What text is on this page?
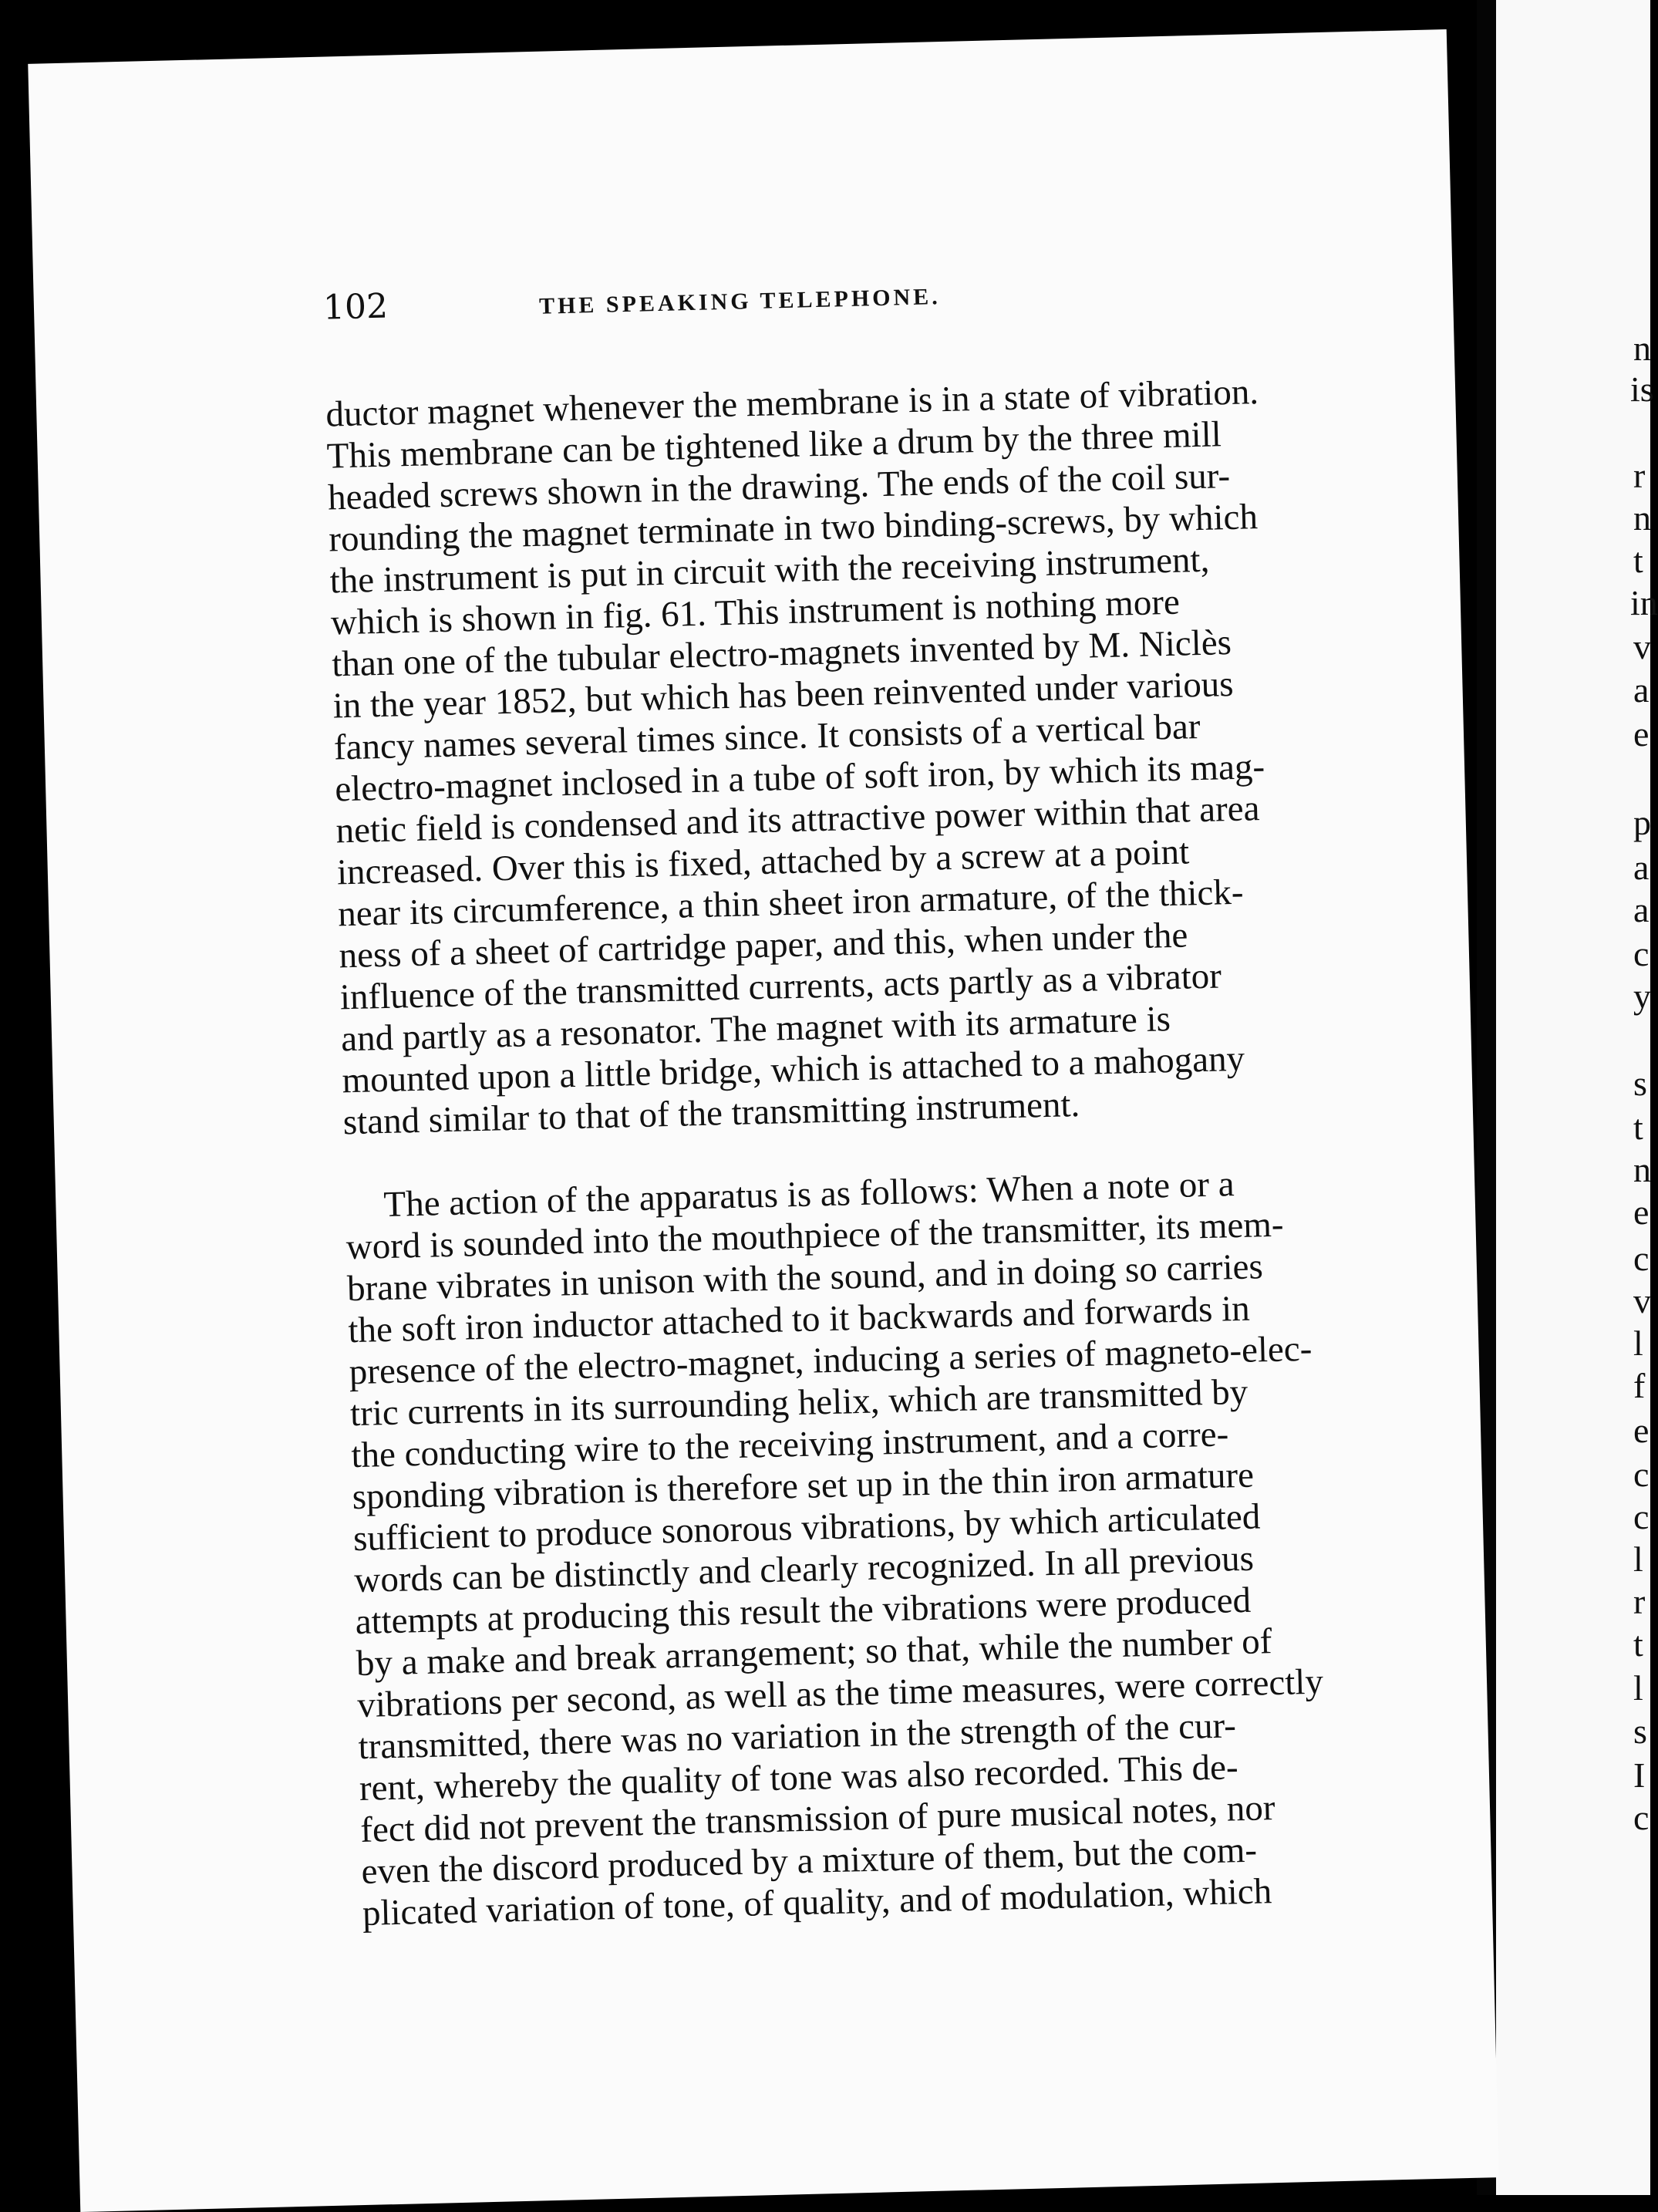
n
is
r
n
t
in
v
a
e
p
a
a
c
y
s
t
n
e
c
v
l
f
e
c
c
l
r
t
l
s
I
c
102	THE SPEAKING TELEPHONE.

ductor magnet whenever the membrane is in a state of vibration.
This membrane can be tightened like a drum by the three mill
headed screws shown in the drawing. The ends of the coil sur-
rounding the magnet terminate in two binding-screws, by which
the instrument is put in circuit with the receiving instrument,
which is shown in fig. 61. This instrument is nothing more
than one of the tubular electro-magnets invented by M. Niclès
in the year 1852, but which has been reinvented under various
fancy names several times since. It consists of a vertical bar
electro-magnet inclosed in a tube of soft iron, by which its mag-
netic field is condensed and its attractive power within that area
increased. Over this is fixed, attached by a screw at a point
near its circumference, a thin sheet iron armature, of the thick-
ness of a sheet of cartridge paper, and this, when under the
influence of the transmitted currents, acts partly as a vibrator
and partly as a resonator. The magnet with its armature is
mounted upon a little bridge, which is attached to a mahogany
stand similar to that of the transmitting instrument.

The action of the apparatus is as follows: When a note or a
word is sounded into the mouthpiece of the transmitter, its mem-
brane vibrates in unison with the sound, and in doing so carries
the soft iron inductor attached to it backwards and forwards in
presence of the electro-magnet, inducing a series of magneto-elec-
tric currents in its surrounding helix, which are transmitted by
the conducting wire to the receiving instrument, and a corre-
sponding vibration is therefore set up in the thin iron armature
sufficient to produce sonorous vibrations, by which articulated
words can be distinctly and clearly recognized. In all previous
attempts at producing this result the vibrations were produced
by a make and break arrangement; so that, while the number of
vibrations per second, as well as the time measures, were correctly
transmitted, there was no variation in the strength of the cur-
rent, whereby the quality of tone was also recorded. This de-
fect did not prevent the transmission of pure musical notes, nor
even the discord produced by a mixture of them, but the com-
plicated variation of tone, of quality, and of modulation, which
